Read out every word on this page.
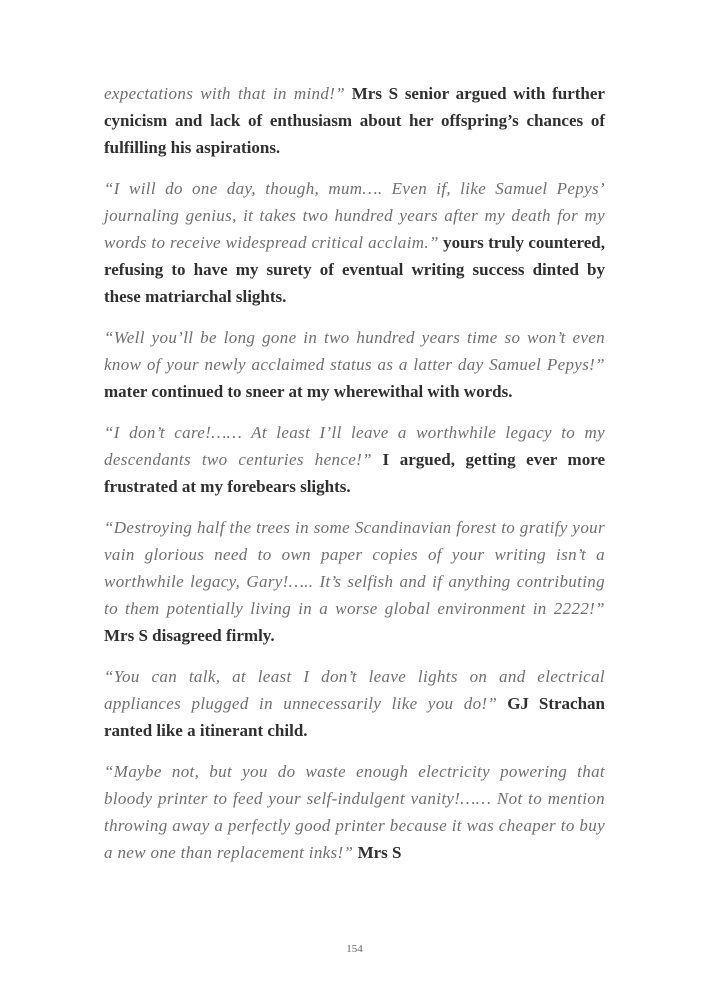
expectations with that in mind!” Mrs S senior argued with further cynicism and lack of enthusiasm about her offspring’s chances of fulfilling his aspirations.

“I will do one day, though, mum…. Even if, like Samuel Pepys’ journaling genius, it takes two hundred years after my death for my words to receive widespread critical acclaim.” yours truly countered, refusing to have my surety of eventual writing success dinted by these matriarchal slights.

“Well you’ll be long gone in two hundred years time so won’t even know of your newly acclaimed status as a latter day Samuel Pepys!” mater continued to sneer at my wherewithal with words.

“I don’t care!…… At least I’ll leave a worthwhile legacy to my descendants two centuries hence!” I argued, getting ever more frustrated at my forebears slights.

“Destroying half the trees in some Scandinavian forest to gratify your vain glorious need to own paper copies of your writing isn’t a worthwhile legacy, Gary!….. It’s selfish and if anything contributing to them potentially living in a worse global environment in 2222!” Mrs S disagreed firmly.

“You can talk, at least I don’t leave lights on and electrical appliances plugged in unnecessarily like you do!” GJ Strachan ranted like a itinerant child.

“Maybe not, but you do waste enough electricity powering that bloody printer to feed your self-indulgent vanity!…… Not to mention throwing away a perfectly good printer because it was cheaper to buy a new one than replacement inks!” Mrs S

154
